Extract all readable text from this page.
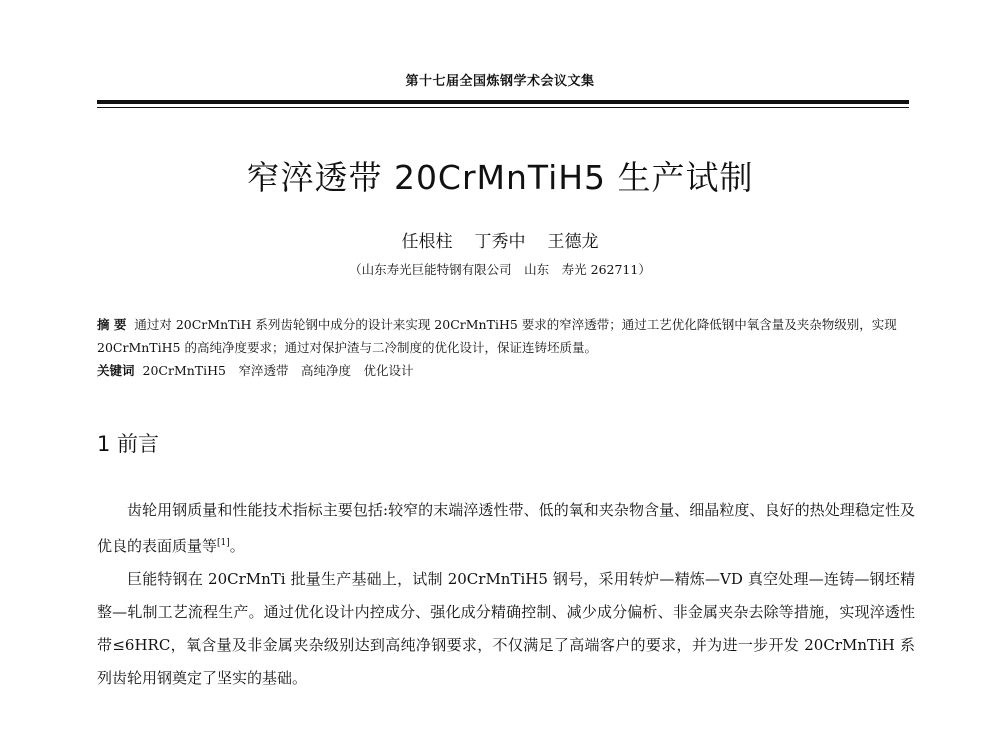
第十七届全国炼钢学术会议文集
窄淬透带 20CrMnTiH5 生产试制
任根柱 丁秀中 王德龙
（山东寿光巨能特钢有限公司　山东　寿光 262711）

摘 要 通过对 20CrMnTiH 系列齿轮钢中成分的设计来实现 20CrMnTiH5 要求的窄淬透带；通过工艺优化降低钢中氧含量及夹杂物级别，实现 20CrMnTiH5 的高纯净度要求；通过对保护渣与二冷制度的优化设计，保证连铸坯质量。

关键词 20CrMnTiH5　窄淬透带　高纯净度　优化设计

1 前言

齿轮用钢质量和性能技术指标主要包括:较窄的末端淬透性带、低的氧和夹杂物含量、细晶粒度、良好的热处理稳定性及优良的表面质量等[1]。

巨能特钢在 20CrMnTi 批量生产基础上，试制 20CrMnTiH5 钢号，采用转炉—精炼—VD 真空处理—连铸—钢坯精整—轧制工艺流程生产。通过优化设计内控成分、强化成分精确控制、减少成分偏析、非金属夹杂去除等措施，实现淬透性带≤6HRC，氧含量及非金属夹杂级别达到高纯净钢要求，不仅满足了高端客户的要求，并为进一步开发 20CrMnTiH 系列齿轮用钢奠定了坚实的基础。
